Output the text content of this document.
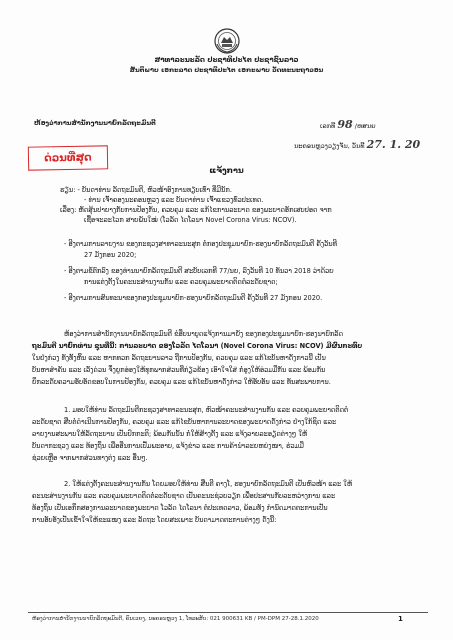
ສາທາລະນະລັດ ປະຊາທິປະໄຕ ປະຊາຊົນລາວ
ສັນຕິພາບ ເອກະລາດ ປະຊາທິປະໄຕ ເອກະພາບ ວັດທະນະຖາວອນ
ຫ້ອງວ່າການສຳນັກງານນາຍົກລັດຖະມົນຕີ	ເລກທີ 98 /ຫສນຍ
ນະຄອນຫຼວງວຽງຈັນ, ວັນທີ 27. 1. 20
ດ່ວນທີ່ສຸດ
ແຈ້ງການ
ຮຽນ: - ບັນດາທ່ານ ລັດຖະມົນຕີ, ຫົວໜ້າອົງການທຽບເທົ່າ ທີ່ມີນັກ.
- ທ່ານ ເຈົ້າຄອງນະຄອນຫຼວງ ແລະ ບັນດາທ່ານ ເຈົ້າແຂວງທົ່ວປະເທດ.
ເລື່ອງ: ຫັດສຸ້ນປາຍາງກັບການປ້ອງກັນ, ຄວບຄຸມ ແລະ ແກ້ໄຂການລະບາດ ຂອງພະຍາດອັກເສບປອດ ຈາກ
ເຊື້ອຈະລະໄວກ ສາຍພັນໃໝ່ (ໂວລັດ ໄດໂລນາ Novel Corona Virus: NCOV).
- ອີງຕາມການລາຍງານ ຂອງກະຊວງສາທາລະນະສຸກ ຕໍ່ກອງປະຊຸມນາຍົກ-ຮອງນາຍົກລັດຖະມົນຕີ ຄັ້ງວັນທີ
27 ມັງກອນ 2020;
- ອີງຕາມຂໍ້ຕົກລົງ ຂອງທ່ານນາຍົກລັດຖະມົນຕີ ສະບັບເລກທີ 77/ນຍ, ລົງວັນທີ 10 ທັນວາ 2018 ວ່າດ້ວຍ
ການແຕ່ງຕັ້ງໃນຄະນະສ່ານງານກັນ ແລະ ຄວບຄຸມພະຍາດຕິດຕໍ່ລະດັບຊາດ;
- ອີງຕາມການສົນທະນາຂອງກອງປະຊຸມນາຍົກ-ຮອງນາຍົກລັດຖະມົນຕີ ຄັ້ງວັນທີ 27 ມັງກອນ 2020.
ຫ້ອງວ່າການສຳນັກງານນາຍົກລັດຖະມົນຕີ ຂໍອືບນາບູດແຈ້ງການມາຍັງ ຂອງກອງປະຊຸມນາຍົກ-ຮອງນາຍົກລັດ
ຖະມົນຕີ ນາຍົກທ່ານ ຊຸນທີ່ນີ້: ການລະບາດ ຂອງໂວລັດ ໄດໂລນາ (Novel Corona Virus: NCOV) ມີຜົນກະທົບ
ໃນຢ່ງກ່ວງ ທັງທັ້ງຫິ້ນ ແລະ ຫາກທວກ ລັດຖະບານລາວ ຖືການປ້ອງກັນ, ຄວບຄຸມ ແລະ ແກ້ໄຂບັນຫາດັ່ງກາວນີ້ ເປັນ
ບັນຫາສຳຄັນ ແລະ ເລັ່ງດ່ວນ ຈຶ່ງຍູກອ່ອງໃຫ້ທຸກພາກສ່ວນທີ່ກ່ຽວຂ້ອງ ເອົາໃຈໃສ່ ກໍ່ອູງໃຫ້ອ່ວມມືກັນ ແລະ ພ້ອມກັນ
ຍຶກລະດັບຄວາມອັບອັດຂອບໃນການປ້ອງກັນ, ຄວບຄຸມ ແລະ ແກ້ໄຂບັນຫາດັ່ງກ່າວ ໃຫ້ອັບອັນ ແລະ ທັນສະພາບການ.
1. ມອບໃຫ້ທ່ານ ລັດຖະມົນຕີກະຊວງສາທາລະນະສຸກ, ຫົວໜ້າຄະນະສ່ານງານກັນ ແລະ ຄວບຄຸມພະຍາດຕິດຕໍ່
ລະດັບຊາດ ສືບຕໍ່ດຳເນີນການປ້ອງກັນ, ຄວບຄຸມ ແລະ ແກ້ໄຂບັນຫາການລະບາດຂອງພະຍາດດັ່ງກ່າວ ຢ່າງໃກ້ຊິດ ແລະ
ລາຍງານສະພາບໃຫ້ລັດຖະບານ ເປັນປົກກະຕິ; ພ້ອມກັນນັ້ນ ກໍ່ໃຫ້ສ້າງຕັ້ງ ແລະ ແຈ້ງລາຍລະອຽດຕ່າງໆ ໃຫ້
ບັນດາກະຊວງ ແລະ ທ້ອງຖິ່ນ ເພື່ອອີ່ນການເປົ້ມພະອາບ, ແຈ້ງຂ່າວ ແລະ ການຄ້ານຳລະຍຫຍ່ງໜາ, ຮ່ວມມື
ຊ່ວຍເຫຼືອ ຈາກພາກສ່ວນທາງຕ່ງ ແລະ ອື່ນໆ.
2. ໃຫ້ແຕ່ງຕັ້ງຄະນະສ່ານງານກັນ ໂດຍມອບໃຫ້ທ່ານ ສື່ນຕີ ຄາງໂ, ຮອງນາຍົກລັດຖະມົນຕີ ເປັນຫົວໜ້າ ແລະ ໃຫ້
ຄະນະສ່ານງານກັນ ແລະ ຄວບຄຸມພະຍາດຕິດຕໍ່ລະດັບຊາດ ເປັນຄະນະຊ່ວຍວຽກ ເພື່ອປະສານກັບລະຫວ່າງການ ແລະ
ທ້ອງຖິ່ນ ເປັນເອກຶກສອງການລະບາດຂອງພະຍາດ ໂວລັດ ໄດໂລນາ ຕໍ່ປະເທດລາວ, ພ້ອມທັງ ກຳນົດມາດຕະການເປັນ
ການອັບອັງເປັນເຂົ້າໃຈໃຫ້ຂະແໜງ ແລະ ລັດຖະ ໂດຍສະເພາະ ບັນດາມາດຕະການຕ່າງໆ ດັ່ງນີ້:
ຫ້ອງວ່າການສຳນັກງານນາຍົກລັດຖະມົນຕີ, ຄົນເວຍງ, ນະຄອນຫຼວງ 1, ໂທລະສັບ: 021 900631 KB / PM-DPM 27-28.1.2020	1
